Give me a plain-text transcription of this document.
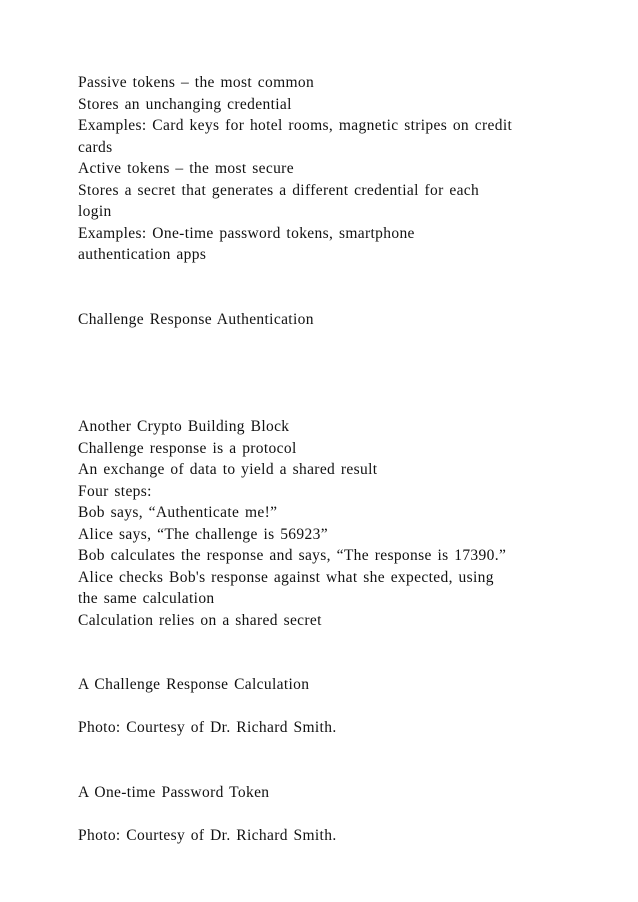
Passive tokens – the most common
Stores an unchanging credential
Examples: Card keys for hotel rooms, magnetic stripes on credit
cards
Active tokens – the most secure
Stores a secret that generates a different credential for each
login
Examples: One-time password tokens, smartphone
authentication apps
Challenge Response Authentication
Another Crypto Building Block
Challenge response is a protocol
An exchange of data to yield a shared result
Four steps:
Bob says, “Authenticate me!”
Alice says, “The challenge is 56923”
Bob calculates the response and says, “The response is 17390.”
Alice checks Bob's response against what she expected, using
the same calculation
Calculation relies on a shared secret
A Challenge Response Calculation
Photo: Courtesy of Dr. Richard Smith.
A One-time Password Token
Photo: Courtesy of Dr. Richard Smith.
